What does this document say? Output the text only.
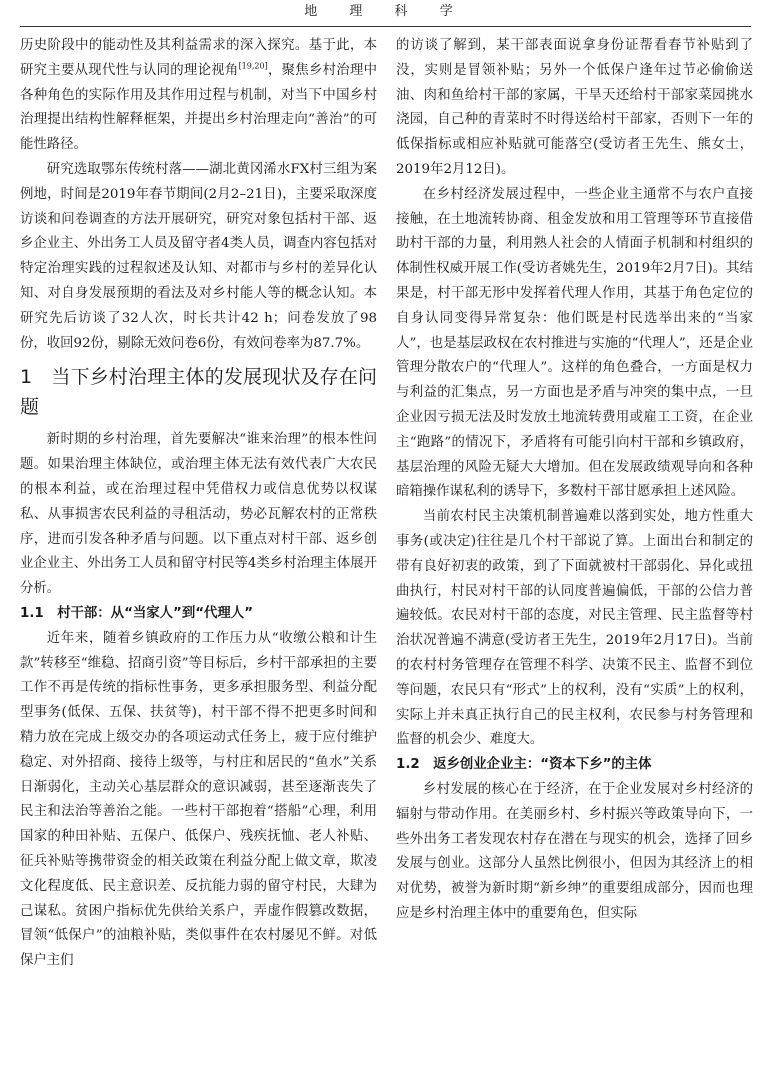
地 理 科 学

历史阶段中的能动性及其利益需求的深入探究。基于此，本研究主要从现代性与认同的理论视角[19,20]，聚焦乡村治理中各种角色的实际作用及其作用过程与机制，对当下中国乡村治理提出结构性解释框架，并提出乡村治理走向“善治”的可能性路径。

研究选取鄂东传统村落——湖北黄冈浠水FX村三组为案例地，时间是2019年春节期间(2月2–21日)，主要采取深度访谈和问卷调查的方法开展研究，研究对象包括村干部、返乡企业主、外出务工人员及留守者4类人员，调查内容包括对特定治理实践的过程叙述及认知、对都市与乡村的差异化认知、对自身发展预期的看法及对乡村能人等的概念认知。本研究先后访谈了32人次，时长共计42 h；问卷发放了98份，收回92份，剔除无效问卷6份，有效问卷率为87.7%。

1　当下乡村治理主体的发展现状及存在问题

新时期的乡村治理，首先要解决“谁来治理”的根本性问题。如果治理主体缺位，或治理主体无法有效代表广大农民的根本利益，或在治理过程中凭借权力或信息优势以权谋私、从事损害农民利益的寻租活动，势必瓦解农村的正常秩序，进而引发各种矛盾与问题。以下重点对村干部、返乡创业企业主、外出务工人员和留守村民等4类乡村治理主体展开分析。

1.1　村干部：从“当家人”到“代理人”

近年来，随着乡镇政府的工作压力从“收缴公粮和计生款”转移至“维稳、招商引资”等目标后，乡村干部承担的主要工作不再是传统的指标性事务，更多承担服务型、利益分配型事务(低保、五保、扶贫等)，村干部不得不把更多时间和精力放在完成上级交办的各项运动式任务上，疲于应付维护稳定、对外招商、接待上级等，与村庄和居民的“鱼水”关系日渐弱化，主动关心基层群众的意识减弱，甚至逐渐丧失了民主和法治等善治之能。一些村干部抱着“搭船”心理，利用国家的种田补贴、五保户、低保户、残疾抚恤、老人补贴、征兵补贴等携带资金的相关政策在利益分配上做文章，欺凌文化程度低、民主意识差、反抗能力弱的留守村民，大肆为己谋私。贫困户指标优先供给关系户，弄虚作假篡改数据，冒领“低保户”的油粮补贴，类似事件在农村屡见不鲜。对低保户主们

的访谈了解到，某干部表面说拿身份证帮看春节补贴到了没，实则是冒领补贴；另外一个低保户逢年过节必偷偷送油、肉和鱼给村干部的家属，干旱天还给村干部家菜园挑水浇园，自己种的青菜时不时得送给村干部家，否则下一年的低保指标或相应补贴就可能落空(受访者王先生、熊女士，2019年2月12日)。

在乡村经济发展过程中，一些企业主通常不与农户直接接触，在土地流转协商、租金发放和用工管理等环节直接借助村干部的力量，利用熟人社会的人情面子机制和村组织的体制性权威开展工作(受访者姚先生，2019年2月7日)。其结果是，村干部无形中发挥着代理人作用，其基于角色定位的自身认同变得异常复杂：他们既是村民选举出来的“当家人”，也是基层政权在农村推进与实施的“代理人”，还是企业管理分散农户的“代理人”。这样的角色叠合，一方面是权力与利益的汇集点，另一方面也是矛盾与冲突的集中点，一旦企业因亏损无法及时发放土地流转费用或雇工工资，在企业主“跑路”的情况下，矛盾将有可能引向村干部和乡镇政府，基层治理的风险无疑大大增加。但在发展政绩观导向和各种暗箱操作谋私利的诱导下，多数村干部甘愿承担上述风险。

当前农村民主决策机制普遍难以落到实处，地方性重大事务(或决定)往往是几个村干部说了算。上面出台和制定的带有良好初衷的政策，到了下面就被村干部弱化、异化或扭曲执行，村民对村干部的认同度普遍偏低，干部的公信力普遍较低。农民对村干部的态度，对民主管理、民主监督等村治状况普遍不满意(受访者王先生，2019年2月17日)。当前的农村村务管理存在管理不科学、决策不民主、监督不到位等问题，农民只有“形式”上的权利，没有“实质”上的权利，实际上并未真正执行自己的民主权利，农民参与村务管理和监督的机会少、难度大。

1.2　返乡创业企业主：“资本下乡”的主体

乡村发展的核心在于经济，在于企业发展对乡村经济的辐射与带动作用。在美丽乡村、乡村振兴等政策导向下，一些外出务工者发现农村存在潜在与现实的机会，选择了回乡发展与创业。这部分人虽然比例很小，但因为其经济上的相对优势，被誉为新时期“新乡绅”的重要组成部分，因而也理应是乡村治理主体中的重要角色，但实际
